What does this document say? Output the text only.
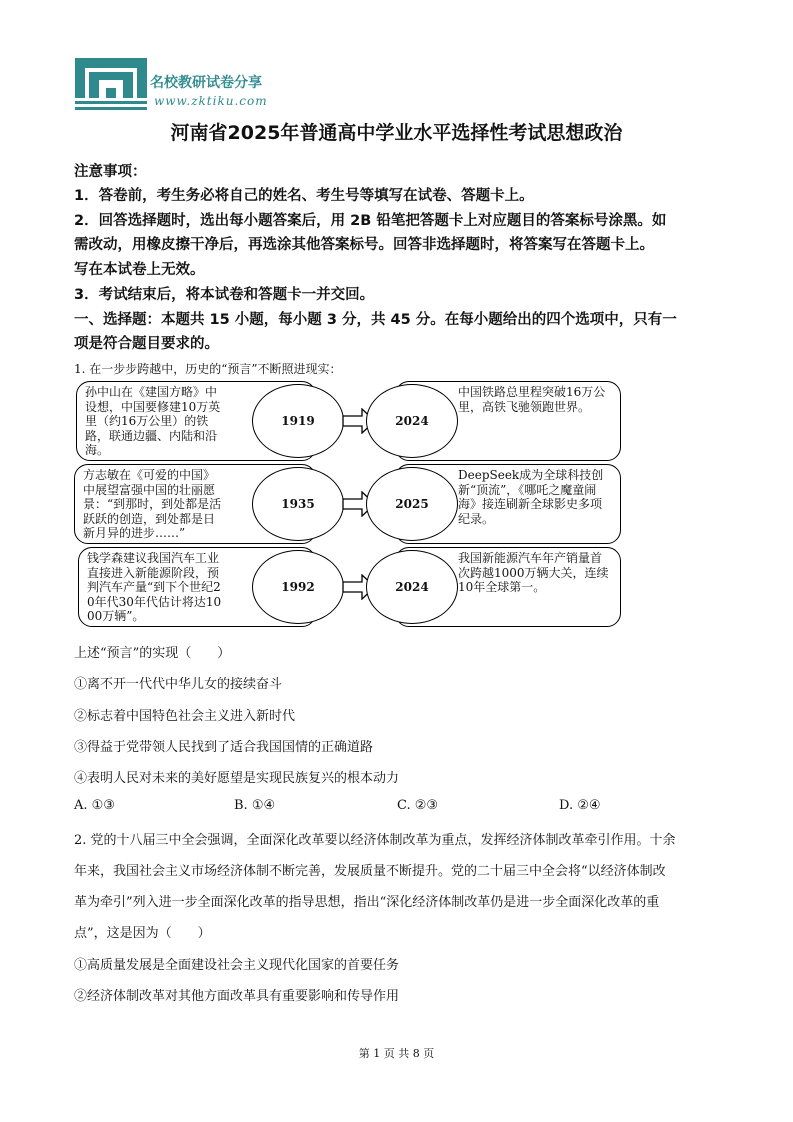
名校教研试卷分享
www.zktiku.com
河南省2025年普通高中学业水平选择性考试思想政治
注意事项：
1．答卷前，考生务必将自己的姓名、考生号等填写在试卷、答题卡上。
2．回答选择题时，选出每小题答案后，用 2B 铅笔把答题卡上对应题目的答案标号涂黑。如
需改动，用橡皮擦干净后，再选涂其他答案标号。回答非选择题时，将答案写在答题卡上。
写在本试卷上无效。
3．考试结束后，将本试卷和答题卡一并交回。
一、选择题：本题共 15 小题，每小题 3 分，共 45 分。在每小题给出的四个选项中，只有一
项是符合题目要求的。
1. 在一步步跨越中，历史的“预言”不断照进现实：
孙中山在《建国方略》中设想，中国要修建10万英里（约16万公里）的铁路，联通边疆、内陆和沿海。
1919
中国铁路总里程突破16万公里，高铁飞驰领跑世界。
2024
方志敏在《可爱的中国》中展望富强中国的壮丽愿景：“到那时，到处都是活跃跃的创造，到处都是日新月异的进步……”
1935
DeepSeek成为全球科技创新“顶流”，《哪吒之魔童闹海》接连刷新全球影史多项纪录。
2025
钱学森建议我国汽车工业直接进入新能源阶段，预判汽车产量“到下个世纪20年代30年代估计将达1000万辆”。
1992
我国新能源汽车年产销量首次跨越1000万辆大关，连续10年全球第一。
2024
上述“预言”的实现（　　）
①离不开一代代中华儿女的接续奋斗
②标志着中国特色社会主义进入新时代
③得益于党带领人民找到了适合我国国情的正确道路
④表明人民对未来的美好愿望是实现民族复兴的根本动力
A. ①③	B. ①④	C. ②③	D. ②④
2. 党的十八届三中全会强调，全面深化改革要以经济体制改革为重点，发挥经济体制改革牵引作用。十余
年来，我国社会主义市场经济体制不断完善，发展质量不断提升。党的二十届三中全会将“以经济体制改
革为牵引”列入进一步全面深化改革的指导思想，指出“深化经济体制改革仍是进一步全面深化改革的重
点”，这是因为（　　）
①高质量发展是全面建设社会主义现代化国家的首要任务
②经济体制改革对其他方面改革具有重要影响和传导作用
第 1 页 共 8 页
